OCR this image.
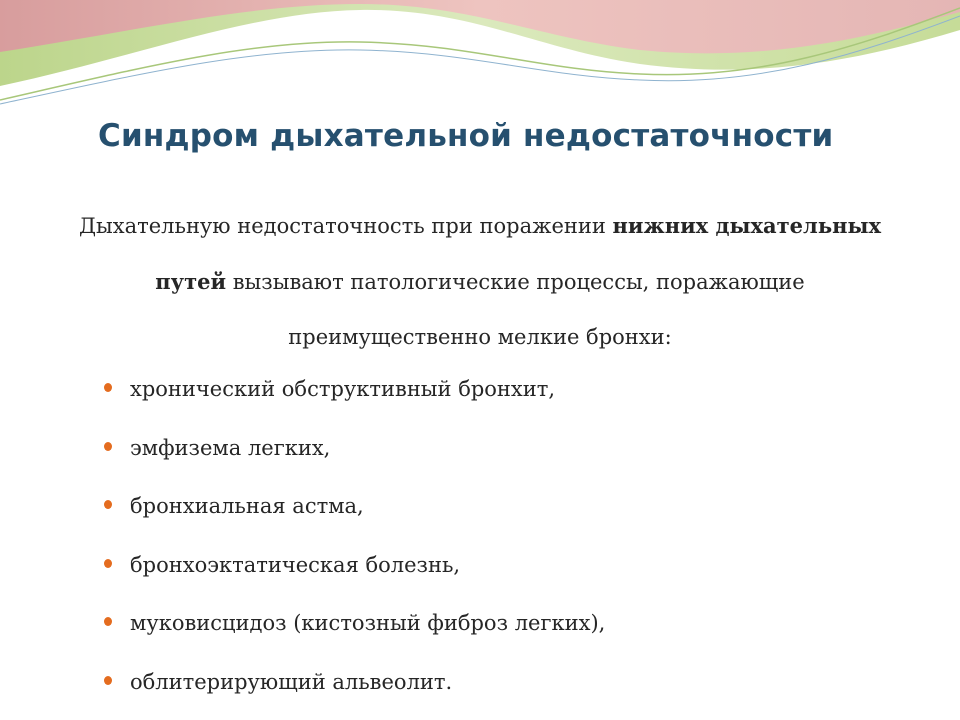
Синдром дыхательной недостаточности

Дыхательную недостаточность при поражении нижних дыхательных путей вызывают патологические процессы, поражающие преимущественно мелкие бронхи:

хронический обструктивный бронхит,
эмфизема легких,
бронхиальная астма,
бронхоэктатическая болезнь,
муковисцидоз (кистозный фиброз легких),
облитерирующий альвеолит.
